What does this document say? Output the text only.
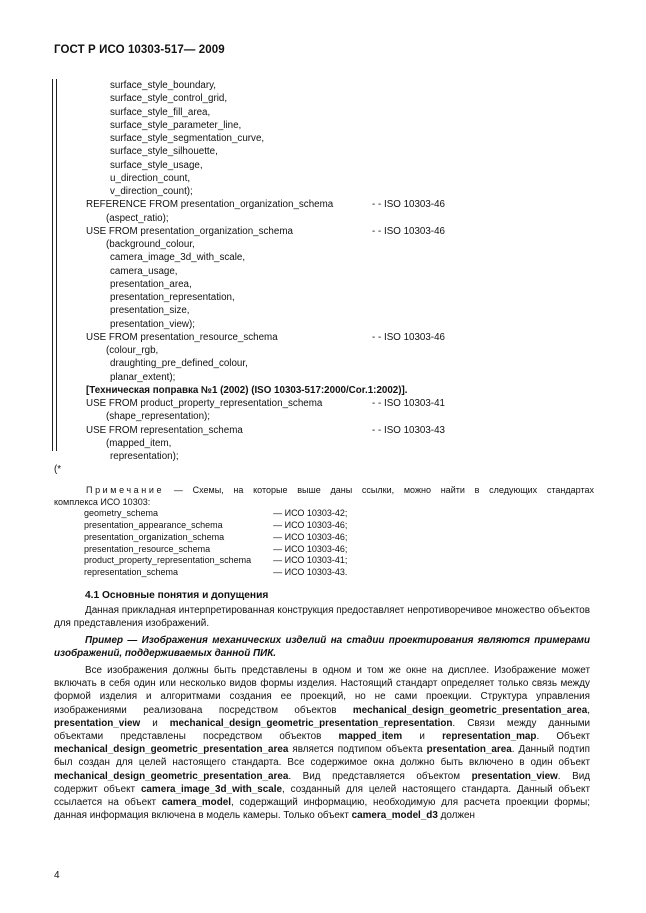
ГОСТ Р ИСО 10303-517— 2009
surface_style_boundary,
surface_style_control_grid,
surface_style_fill_area,
surface_style_parameter_line,
surface_style_segmentation_curve,
surface_style_silhouette,
surface_style_usage,
u_direction_count,
v_direction_count);
REFERENCE FROM presentation_organization_schema	- - ISO 10303-46
(aspect_ratio);
USE FROM presentation_organization_schema	- - ISO 10303-46
(background_colour,
camera_image_3d_with_scale,
camera_usage,
presentation_area,
presentation_representation,
presentation_size,
presentation_view);
USE FROM presentation_resource_schema	- - ISO 10303-46
(colour_rgb,
draughting_pre_defined_colour,
planar_extent);
[Техническая поправка №1 (2002) (ISO 10303-517:2000/Cor.1:2002)].
USE FROM product_property_representation_schema	- - ISO 10303-41
(shape_representation);
USE FROM representation_schema	- - ISO 10303-43
(mapped_item,
representation);
(*
Примечание — Схемы, на которые выше даны ссылки, можно найти в следующих стандартах
комплекса ИСО 10303:
geometry_schema	— ИСО 10303-42;
presentation_appearance_schema	— ИСО 10303-46;
presentation_organization_schema	— ИСО 10303-46;
presentation_resource_schema	— ИСО 10303-46;
product_property_representation_schema	— ИСО 10303-41;
representation_schema	— ИСО 10303-43.
4.1 Основные понятия и допущения
Данная прикладная интерпретированная конструкция предоставляет непротиворечивое множество объектов для представления изображений.
Пример — Изображения механических изделий на стадии проектирования являются примерами изображений, поддерживаемых данной ПИК.
Все изображения должны быть представлены в одном и том же окне на дисплее. Изображение может включать в себя один или несколько видов формы изделия. Настоящий стандарт определяет только связь между формой изделия и алгоритмами создания ее проекций, но не сами проекции. Структура управления изображениями реализована посредством объектов mechanical_design_geometric_presentation_area, presentation_view и mechanical_design_geometric_presentation_representation. Связи между данными объектами представлены посредством объектов mapped_item и representation_map. Объект mechanical_design_geometric_presentation_area является подтипом объекта presentation_area. Данный подтип был создан для целей настоящего стандарта. Все содержимое окна должно быть включено в один объект mechanical_design_geometric_presentation_area. Вид представляется объектом presentation_view. Вид содержит объект camera_image_3d_with_scale, созданный для целей настоящего стандарта. Данный объект ссылается на объект camera_model, содержащий информацию, необходимую для расчета проекции формы; данная информация включена в модель камеры. Только объект camera_model_d3 должен
4
